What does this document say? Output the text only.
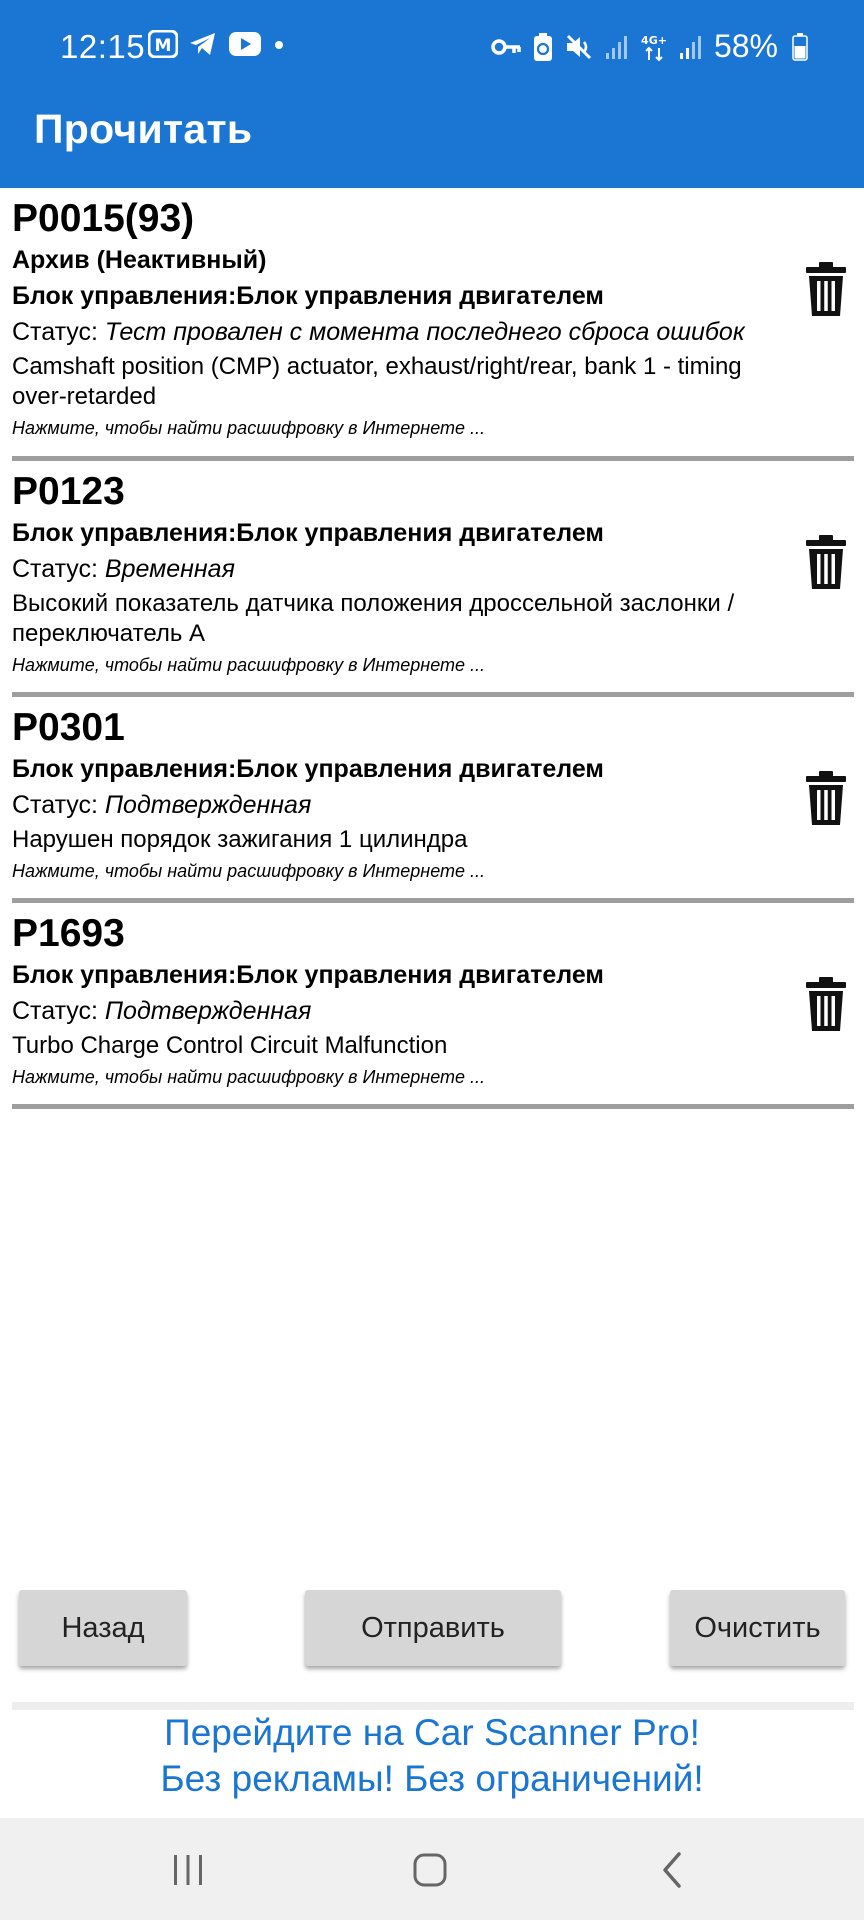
12:15 M	4G+ 58%
Прочитать
P0015(93)
Архив (Неактивный)
Блок управления:Блок управления двигателем
Статус: Тест провален с момента последнего сброса ошибок
Camshaft position (CMP) actuator, exhaust/right/rear, bank 1 - timing over-retarded
Нажмите, чтобы найти расшифровку в Интернете ...
P0123
Блок управления:Блок управления двигателем
Статус: Временная
Высокий показатель датчика положения дроссельной заслонки / переключатель А
Нажмите, чтобы найти расшифровку в Интернете ...
P0301
Блок управления:Блок управления двигателем
Статус: Подтвержденная
Нарушен порядок зажигания 1 цилиндра
Нажмите, чтобы найти расшифровку в Интернете ...
P1693
Блок управления:Блок управления двигателем
Статус: Подтвержденная
Turbo Charge Control Circuit Malfunction
Нажмите, чтобы найти расшифровку в Интернете ...
Назад	Отправить	Очистить
Перейдите на Car Scanner Pro!
Без рекламы! Без ограничений!
